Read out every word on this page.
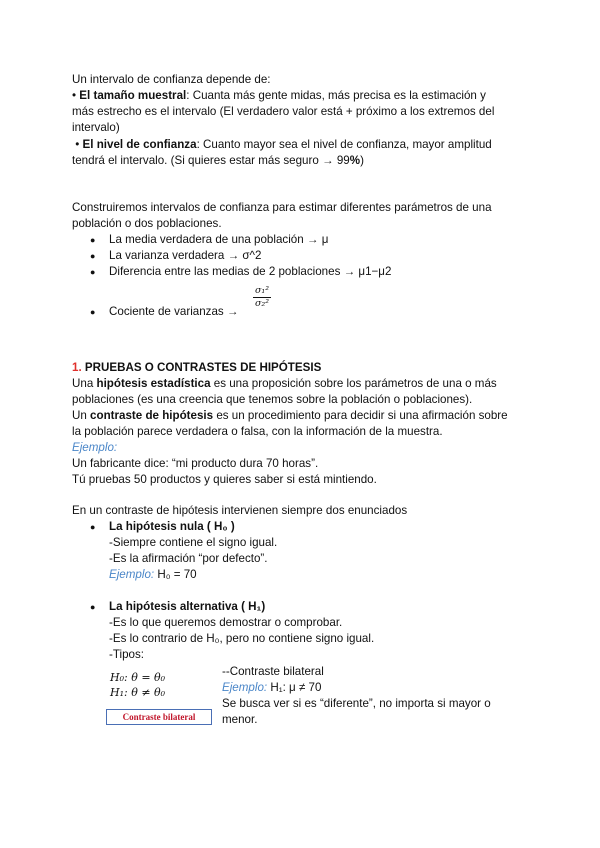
Un intervalo de confianza depende de:
• El tamaño muestral: Cuanta más gente midas, más precisa es la estimación y
más estrecho es el intervalo (El verdadero valor está + próximo a los extremos del
intervalo)
• El nivel de confianza: Cuanto mayor sea el nivel de confianza, mayor amplitud
tendrá el intervalo. (Si quieres estar más seguro → 99%)
Construiremos intervalos de confianza para estimar diferentes parámetros de una
población o dos poblaciones.
● La media verdadera de una población → μ
● La varianza verdadera → σ^2
● Diferencia entre las medias de 2 poblaciones → μ1−μ2
● Cociente de varianzas →
σ₁²
σ₂²
1. PRUEBAS O CONTRASTES DE HIPÓTESIS
Una hipótesis estadística es una proposición sobre los parámetros de una o más
poblaciones (es una creencia que tenemos sobre la población o poblaciones).
Un contraste de hipótesis es un procedimiento para decidir si una afirmación sobre
la población parece verdadera o falsa, con la información de la muestra.
Ejemplo:
Un fabricante dice: “mi producto dura 70 horas”.
Tú pruebas 50 productos y quieres saber si está mintiendo.
En un contraste de hipótesis intervienen siempre dos enunciados
● La hipótesis nula ( H₀ )
-Siempre contiene el signo igual.
-Es la afirmación “por defecto”.
Ejemplo: H₀ = 70
● La hipótesis alternativa ( H₁)
-Es lo que queremos demostrar o comprobar.
-Es lo contrario de H₀, pero no contiene signo igual.
-Tipos:
H₀: θ = θ₀
H₁: θ ≠ θ₀
Contraste bilateral
--Contraste bilateral
Ejemplo: H₁: μ ≠ 70
Se busca ver si es “diferente”, no importa si mayor o
menor.
